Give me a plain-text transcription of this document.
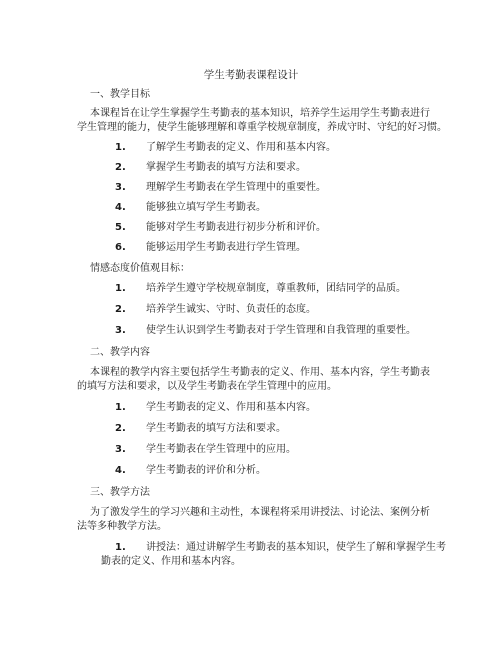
学生考勤表课程设计
一、教学目标
本课程旨在让学生掌握学生考勤表的基本知识，培养学生运用学生考勤表进行
学生管理的能力，使学生能够理解和尊重学校规章制度，养成守时、守纪的好习惯。
1. 了解学生考勤表的定义、作用和基本内容。
2. 掌握学生考勤表的填写方法和要求。
3. 理解学生考勤表在学生管理中的重要性。
4. 能够独立填写学生考勤表。
5. 能够对学生考勤表进行初步分析和评价。
6. 能够运用学生考勤表进行学生管理。
情感态度价值观目标：
1. 培养学生遵守学校规章制度，尊重教师，团结同学的品质。
2. 培养学生诚实、守时、负责任的态度。
3. 使学生认识到学生考勤表对于学生管理和自我管理的重要性。
二、教学内容
本课程的教学内容主要包括学生考勤表的定义、作用、基本内容，学生考勤表
的填写方法和要求，以及学生考勤表在学生管理中的应用。
1. 学生考勤表的定义、作用和基本内容。
2. 学生考勤表的填写方法和要求。
3. 学生考勤表在学生管理中的应用。
4. 学生考勤表的评价和分析。
三、教学方法
为了激发学生的学习兴趣和主动性，本课程将采用讲授法、讨论法、案例分析
法等多种教学方法。
1. 讲授法：通过讲解学生考勤表的基本知识，使学生了解和掌握学生考
勤表的定义、作用和基本内容。
